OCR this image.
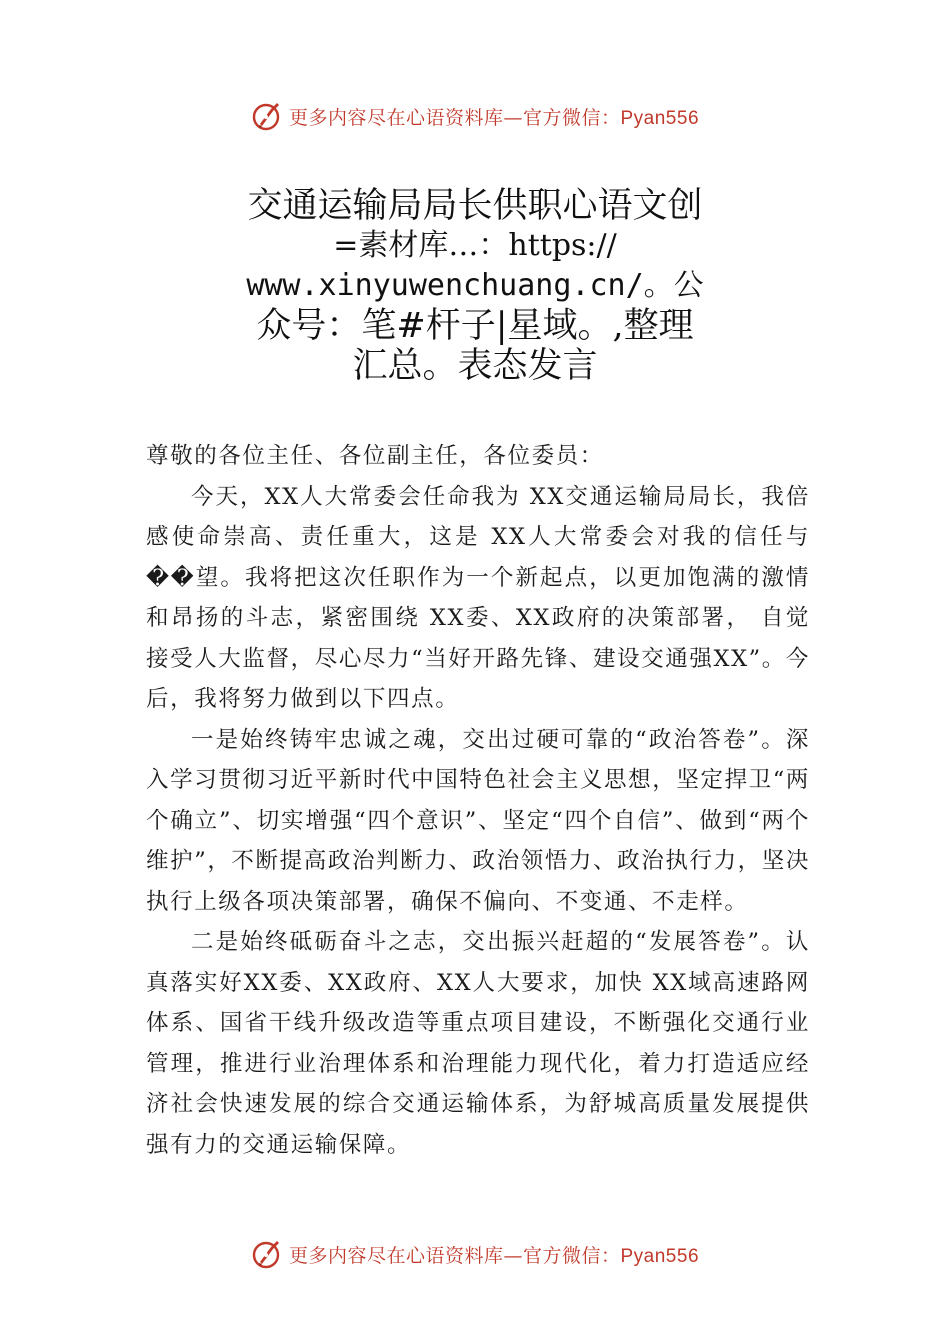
更多内容尽在心语资料库—官方微信：Pyan556
交通运输局局长供职心语文创
=素材库…：https://
www.xinyuwenchuang.cn/。公
众号：笔#杆子|星域。,整理
汇总。表态发言

尊敬的各位主任、各位副主任，各位委员：

今天，XX人大常委会任命我为 XX交通运输局局长，我倍感使命崇高、责任重大，这是 XX人大常委会对我的信任与��望。我将把这次任职作为一个新起点，以更加饱满的激情和昂扬的斗志，紧密围绕 XX委、XX政府的决策部署， 自觉接受人大监督，尽心尽力“当好开路先锋、建设交通强XX”。今后，我将努力做到以下四点。

一是始终铸牢忠诚之魂，交出过硬可靠的“政治答卷”。深入学习贯彻习近平新时代中国特色社会主义思想，坚定捍卫“两个确立”、切实增强“四个意识”、坚定“四个自信”、做到“两个维护”，不断提高政治判断力、政治领悟力、政治执行力，坚决执行上级各项决策部署，确保不偏向、不变通、不走样。

二是始终砥砺奋斗之志，交出振兴赶超的“发展答卷”。认真落实好XX委、XX政府、XX人大要求，加快 XX域高速路网体系、国省干线升级改造等重点项目建设，不断强化交通行业管理，推进行业治理体系和治理能力现代化，着力打造适应经济社会快速发展的综合交通运输体系，为舒城高质量发展提供强有力的交通运输保障。

更多内容尽在心语资料库—官方微信：Pyan556
